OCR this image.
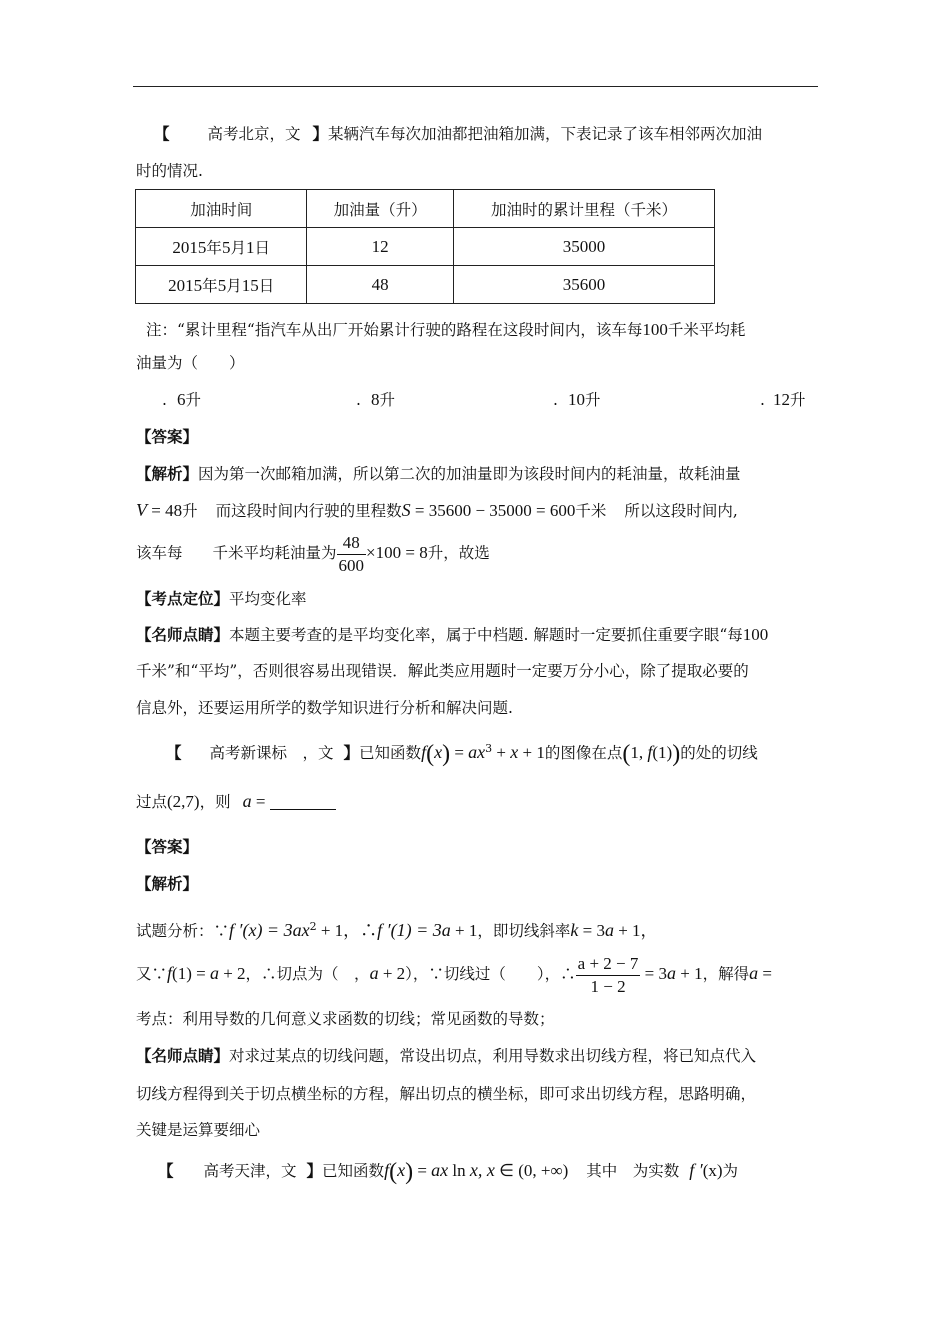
【 高考北京，文 】某辆汽车每次加油都把油箱加满，下表记录了该车相邻两次加油
时的情况.
加油时间	加油量（升）	加油时的累计里程（千米）
2015年5月1日	12	35000
2015年5月15日	48	35600
注：“累计里程“指汽车从出厂开始累计行驶的路程在这段时间内，该车每100千米平均耗
油量为（　　）
. 6升	. 8升	. 10升	. 12升
【答案】
【解析】因为第一次邮箱加满，所以第二次的加油量即为该段时间内的耗油量，故耗油量
V = 48升 而这段时间内行驶的里程数S = 35600 − 35000 = 600千米 所以这段时间内,
该车每 千米平均耗油量为 $\frac{48}{600} \times 100 = 8$升，故选
【考点定位】平均变化率
【名师点睛】本题主要考查的是平均变化率，属于中档题. 解题时一定要抓住重要字眼“每100
千米”和“平均”，否则很容易出现错误．解此类应用题时一定要万分小心，除了提取必要的
信息外，还要运用所学的数学知识进行分析和解决问题.
【 高考新课标　，文 】已知函数$f(x) = ax^3 + x + 1$的图像在点(1, f(1))的处的切线
过点(2,7)，则 a =
【答案】
【解析】
试题分析：∵f $'(x) = 3ax^2 + 1$，∴f ′(1) = 3a + 1，即切线斜率k = 3a + 1，
又∵f(1) = a + 2，∴切点为（　，a + 2），∵切线过（　　），∴ $\frac{a + 2 - 7}{1 - 2} = 3a + 1$，解得a =
考点：利用导数的几何意义求函数的切线；常见函数的导数；
【名师点睛】对求过某点的切线问题，常设出切点，利用导数求出切线方程，将已知点代入
切线方程得到关于切点横坐标的方程，解出切点的横坐标，即可求出切线方程，思路明确，
关键是运算要细心
【 高考天津，文 】已知函数f(x) = ax ln x, x ∈ (0, +∞) 其中　为实数 f ′(x)为
